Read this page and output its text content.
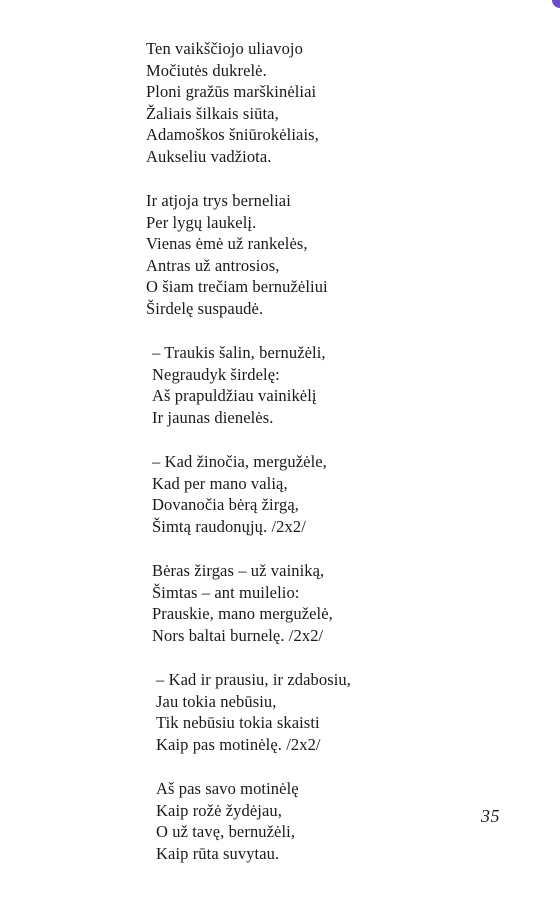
Ten vaikščiojo uliavojo
Močiutės dukrelė.
Ploni gražūs marškinėliai
Žaliais šilkais siūta,
Adamoškos šniūrokėliais,
Aukseliu vadžiota.
Ir atjoja trys berneliai
Per lygų laukelį.
Vienas ėmė už rankelės,
Antras už antrosios,
O šiam trečiam bernužėliui
Širdelę suspaudė.
– Traukis šalin, bernužėli,
Negraudyk širdelę:
Aš prapuldžiau vainikėlį
Ir jaunas dienelės.
– Kad žinočia, mergužėle,
Kad per mano valią,
Dovanočia bėrą žirgą,
Šimtą raudonųjų. /2x2/
Bėras žirgas – už vainiką,
Šimtas – ant muilelio:
Prauskie, mano merguželė,
Nors baltai burnelę. /2x2/
– Kad ir prausiu, ir zdabosiu,
Jau tokia nebūsiu,
Tik nebūsiu tokia skaisti
Kaip pas motinėlę. /2x2/
Aš pas savo motinėlę
Kaip rožė žydėjau,
O už tavę, bernužėli,
Kaip rūta suvytau.
35
